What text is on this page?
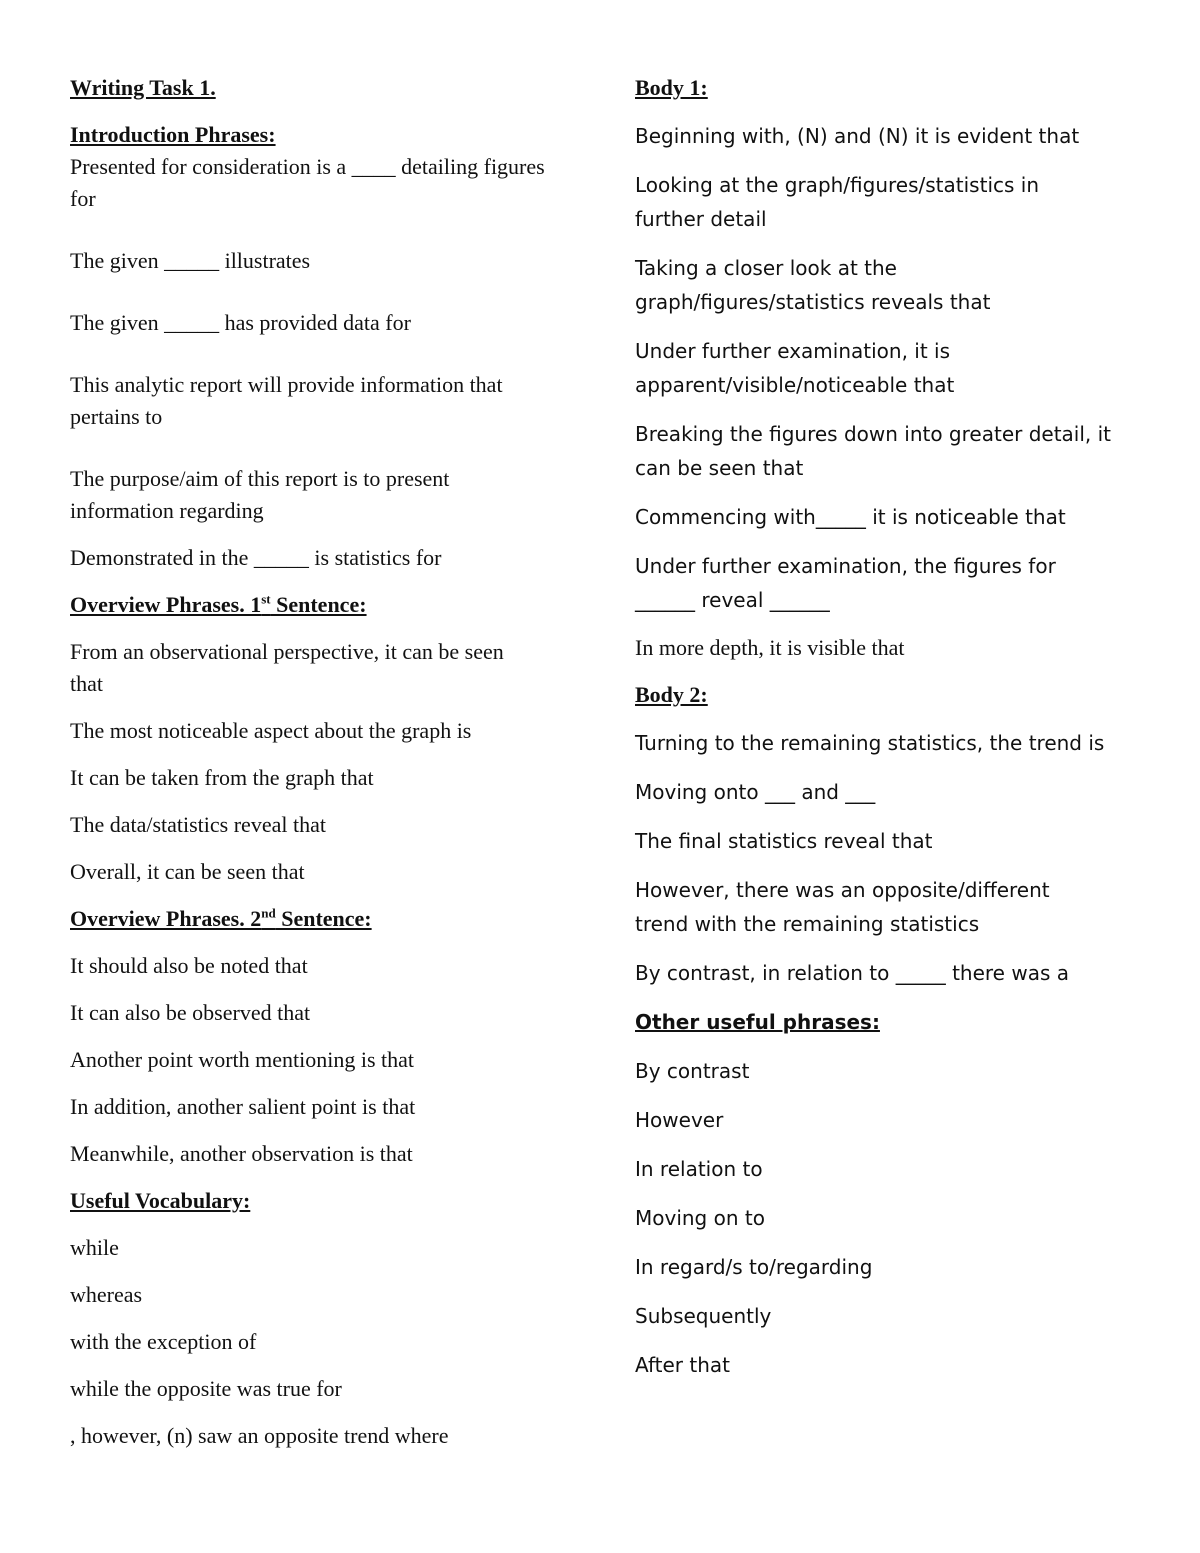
Writing Task 1.

Introduction Phrases:

Presented for consideration is a ____ detailing figures for

The given _____ illustrates

The given _____ has provided data for

This analytic report will provide information that pertains to

The purpose/aim of this report is to present information regarding

Demonstrated in the _____ is statistics for

Overview Phrases. 1st Sentence:

From an observational perspective, it can be seen that

The most noticeable aspect about the graph is

It can be taken from the graph that

The data/statistics reveal that

Overall, it can be seen that

Overview Phrases. 2nd Sentence:

It should also be noted that

It can also be observed that

Another point worth mentioning is that

In addition, another salient point is that

Meanwhile, another observation is that

Useful Vocabulary:

while

whereas

with the exception of

while the opposite was true for

, however, (n) saw an opposite trend where

Body 1:

Beginning with, (N) and (N) it is evident that

Looking at the graph/figures/statistics in further detail

Taking a closer look at the graph/figures/statistics reveals that

Under further examination, it is apparent/visible/noticeable that

Breaking the figures down into greater detail, it can be seen that

Commencing with_____ it is noticeable that

Under further examination, the figures for ______ reveal ______

In more depth, it is visible that

Body 2:

Turning to the remaining statistics, the trend is

Moving onto ___ and ___

The final statistics reveal that

However, there was an opposite/different trend with the remaining statistics

By contrast, in relation to _____ there was a

Other useful phrases:

By contrast

However

In relation to

Moving on to

In regard/s to/regarding

Subsequently

After that
